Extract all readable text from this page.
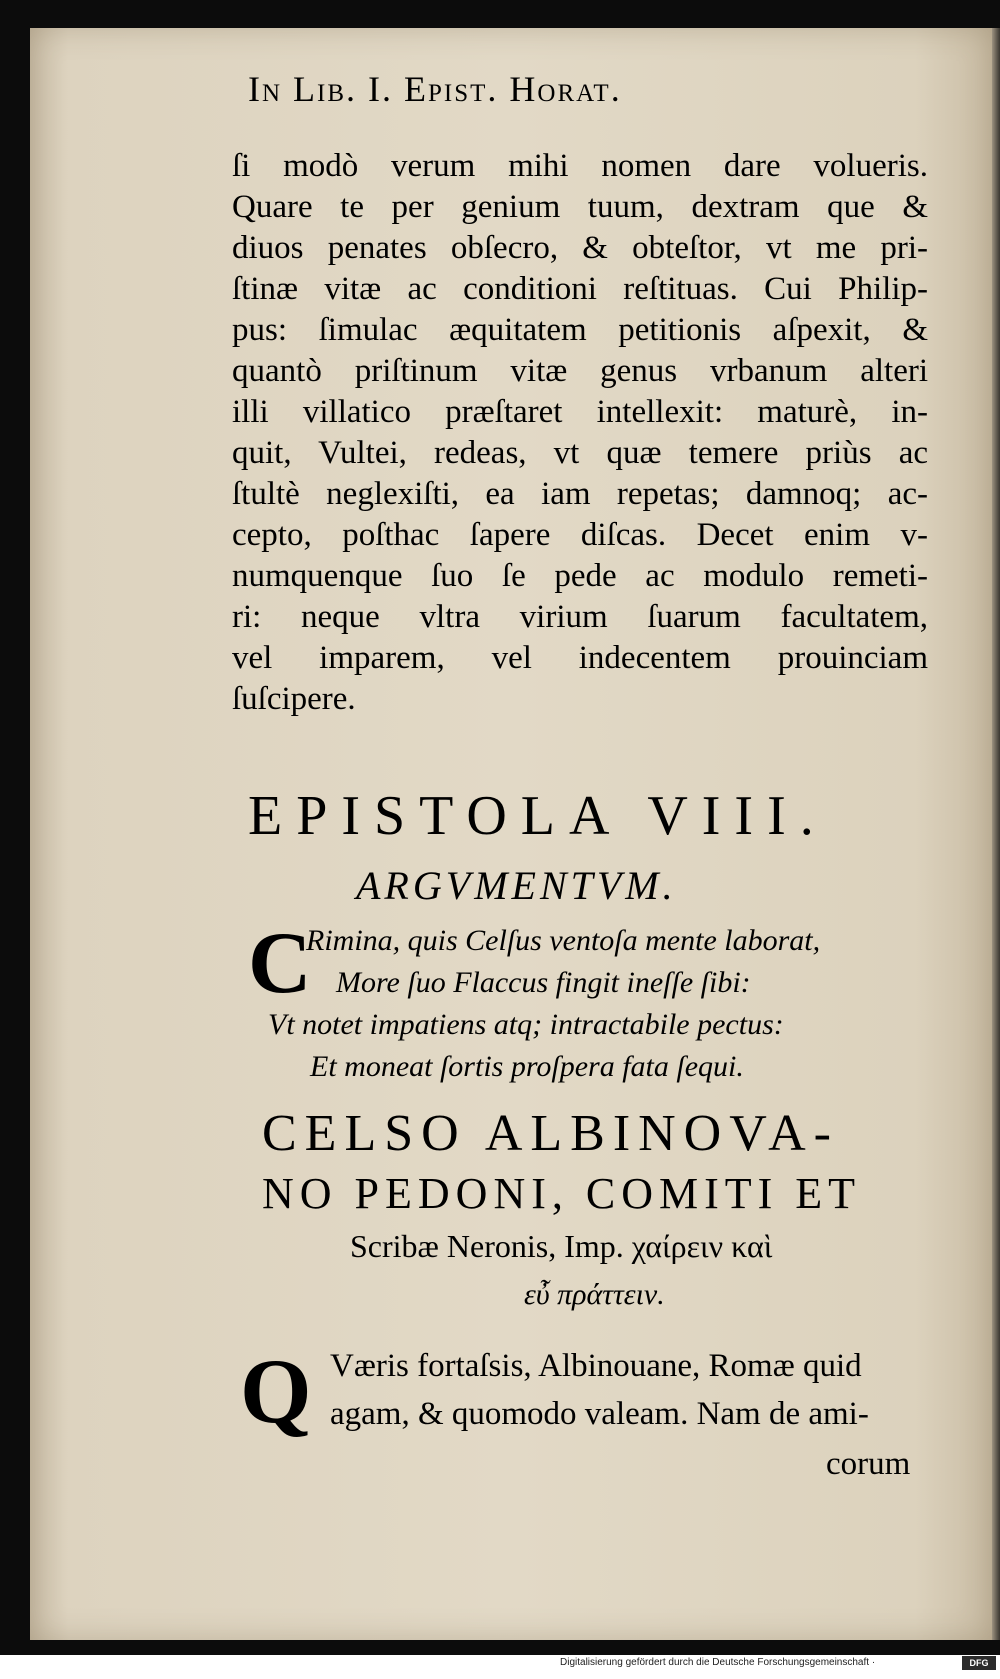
In Lib. I. Epist. Horat.
ſi modò verum mihi nomen dare volueris.
Quare te per genium tuum, dextram que &
diuos penates obſecro, & obteſtor, vt me pri-
ſtinæ vitæ ac conditioni reſtituas. Cui Philip-
pus: ſimulac æquitatem petitionis aſpexit, &
quantò priſtinum vitæ genus vrbanum alteri
illi villatico præſtaret intellexit: maturè, in-
quit, Vultei, redeas, vt quæ temere priùs ac
ſtultè neglexiſti, ea iam repetas; damnoq; ac-
cepto, poſthac ſapere diſcas. Decet enim v-
numquenque ſuo ſe pede ac modulo remeti-
ri: neque vltra virium ſuarum facultatem,
vel imparem, vel indecentem prouinciam
ſuſcipere.
EPISTOLA VIII.
ARGVMENTVM.
C
Rimina, quis Celſus ventoſa mente laborat,
More ſuo Flaccus fingit ineſſe ſibi:
Vt notet impatiens atq; intractabile pectus:
Et moneat ſortis proſpera fata ſequi.
CELSO ALBINOVA-
NO PEDONI, COMITI ET
Scribæ Neronis, Imp. χαίρειν καὶ
εὖ πράττειν.
Q Væris fortaſsis, Albinouane, Romæ quid
agam, & quomodo valeam. Nam de ami-
corum
Digitalisierung gefördert durch die Deutsche Forschungsgemeinschaft ·	DFG
